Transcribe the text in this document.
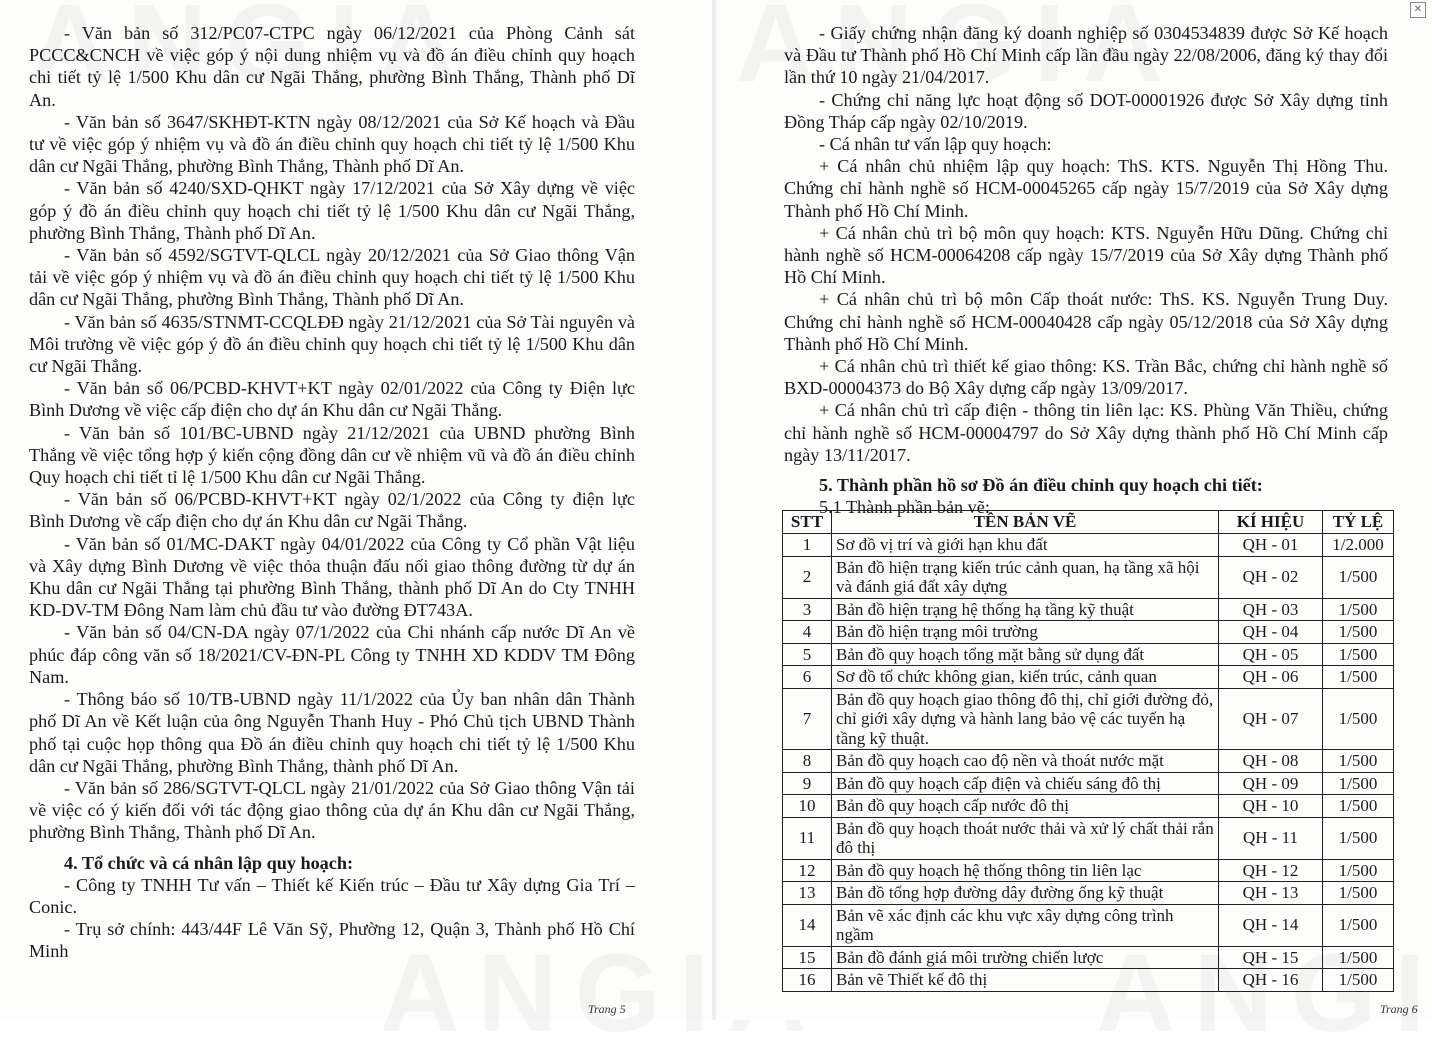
- Văn bản số 312/PC07-CTPC ngày 06/12/2021 của Phòng Cảnh sát PCCC&CNCH về việc góp ý nội dung nhiệm vụ và đồ án điều chỉnh quy hoạch chi tiết tỷ lệ 1/500 Khu dân cư Ngãi Thắng, phường Bình Thắng, Thành phố Dĩ An.

- Văn bản số 3647/SKHĐT-KTN ngày 08/12/2021 của Sở Kế hoạch và Đầu tư về việc góp ý nhiệm vụ và đồ án điều chỉnh quy hoạch chi tiết tỷ lệ 1/500 Khu dân cư Ngãi Thắng, phường Bình Thắng, Thành phố Dĩ An.

- Văn bản số 4240/SXD-QHKT ngày 17/12/2021 của Sở Xây dựng về việc góp ý đồ án điều chỉnh quy hoạch chi tiết tỷ lệ 1/500 Khu dân cư Ngãi Thắng, phường Bình Thắng, Thành phố Dĩ An.

- Văn bản số 4592/SGTVT-QLCL ngày 20/12/2021 của Sở Giao thông Vận tải về việc góp ý nhiệm vụ và đồ án điều chỉnh quy hoạch chi tiết tỷ lệ 1/500 Khu dân cư Ngãi Thắng, phường Bình Thắng, Thành phố Dĩ An.

- Văn bản số 4635/STNMT-CCQLĐĐ ngày 21/12/2021 của Sở Tài nguyên và Môi trường về việc góp ý đồ án điều chỉnh quy hoạch chi tiết tỷ lệ 1/500 Khu dân cư Ngãi Thắng.

- Văn bản số 06/PCBD-KHVT+KT ngày 02/01/2022 của Công ty Điện lực Bình Dương về việc cấp điện cho dự án Khu dân cư Ngãi Thắng.

- Văn bản số 101/BC-UBND ngày 21/12/2021 của UBND phường Bình Thắng về việc tổng hợp ý kiến cộng đồng dân cư về nhiệm vũ và đồ án điều chỉnh Quy hoạch chi tiết tỉ lệ 1/500 Khu dân cư Ngãi Thắng.

- Văn bản số 06/PCBD-KHVT+KT ngày 02/1/2022 của Công ty điện lực Bình Dương về cấp điện cho dự án Khu dân cư Ngãi Thắng.

- Văn bản số 01/MC-DAKT ngày 04/01/2022 của Công ty Cổ phần Vật liệu và Xây dựng Bình Dương về việc thỏa thuận đấu nối giao thông đường từ dự án Khu dân cư Ngãi Thắng tại phường Bình Thắng, thành phố Dĩ An do Cty TNHH KD-DV-TM Đông Nam làm chủ đầu tư vào đường ĐT743A.

- Văn bản số 04/CN-DA ngày 07/1/2022 của Chi nhánh cấp nước Dĩ An về phúc đáp công văn số 18/2021/CV-ĐN-PL Công ty TNHH XD KDDV TM Đông Nam.

- Thông báo số 10/TB-UBND ngày 11/1/2022 của Ủy ban nhân dân Thành phố Dĩ An về Kết luận của ông Nguyễn Thanh Huy - Phó Chủ tịch UBND Thành phố tại cuộc họp thông qua Đồ án điều chỉnh quy hoạch chi tiết tỷ lệ 1/500 Khu dân cư Ngãi Thắng, phường Bình Thắng, thành phố Dĩ An.

- Văn bản số 286/SGTVT-QLCL ngày 21/01/2022 của Sở Giao thông Vận tải về việc có ý kiến đối với tác động giao thông của dự án Khu dân cư Ngãi Thắng, phường Bình Thắng, Thành phố Dĩ An.

4. Tổ chức và cá nhân lập quy hoạch:

- Công ty TNHH Tư vấn – Thiết kế Kiến trúc – Đầu tư Xây dựng Gia Trí – Conic.

- Trụ sở chính: 443/44F Lê Văn Sỹ, Phường 12, Quận 3, Thành phố Hồ Chí Minh

Trang 5

- Giấy chứng nhận đăng ký doanh nghiệp số 0304534839 được Sở Kế hoạch và Đầu tư Thành phố Hồ Chí Minh cấp lần đầu ngày 22/08/2006, đăng ký thay đổi lần thứ 10 ngày 21/04/2017.

- Chứng chỉ năng lực hoạt động số DOT-00001926 được Sở Xây dựng tỉnh Đồng Tháp cấp ngày 02/10/2019.

- Cá nhân tư vấn lập quy hoạch:

+ Cá nhân chủ nhiệm lập quy hoạch: ThS. KTS. Nguyễn Thị Hồng Thu. Chứng chỉ hành nghề số HCM-00045265 cấp ngày 15/7/2019 của Sở Xây dựng Thành phố Hồ Chí Minh.

+ Cá nhân chủ trì bộ môn quy hoạch: KTS. Nguyễn Hữu Dũng. Chứng chỉ hành nghề số HCM-00064208 cấp ngày 15/7/2019 của Sở Xây dựng Thành phố Hồ Chí Minh.

+ Cá nhân chủ trì bộ môn Cấp thoát nước: ThS. KS. Nguyễn Trung Duy. Chứng chỉ hành nghề số HCM-00040428 cấp ngày 05/12/2018 của Sở Xây dựng Thành phố Hồ Chí Minh.

+ Cá nhân chủ trì thiết kế giao thông: KS. Trần Bắc, chứng chỉ hành nghề số BXD-00004373 do Bộ Xây dựng cấp ngày 13/09/2017.

+ Cá nhân chủ trì cấp điện - thông tin liên lạc: KS. Phùng Văn Thiều, chứng chỉ hành nghề số HCM-00004797 do Sở Xây dựng thành phố Hồ Chí Minh cấp ngày 13/11/2017.

5. Thành phần hồ sơ Đồ án điều chỉnh quy hoạch chi tiết:

5.1 Thành phần bản vẽ:

Trang 6
✕
STT	TÊN BẢN VẼ	KÍ HIỆU	TỶ LỆ
1	Sơ đồ vị trí và giới hạn khu đất	QH - 01	1/2.000
2	Bản đồ hiện trạng kiến trúc cảnh quan, hạ tầng xã hội và đánh giá đất xây dựng	QH - 02	1/500
3	Bản đồ hiện trạng hệ thống hạ tầng kỹ thuật	QH - 03	1/500
4	Bản đồ hiện trạng môi trường	QH - 04	1/500
5	Bản đồ quy hoạch tổng mặt bằng sử dụng đất	QH - 05	1/500
6	Sơ đồ tổ chức không gian, kiến trúc, cảnh quan	QH - 06	1/500
7	Bản đồ quy hoạch giao thông đô thị, chỉ giới đường đỏ, chỉ giới xây dựng và hành lang bảo vệ các tuyến hạ tầng kỹ thuật.	QH - 07	1/500
8	Bản đồ quy hoạch cao độ nền và thoát nước mặt	QH - 08	1/500
9	Bản đồ quy hoạch cấp điện và chiếu sáng đô thị	QH - 09	1/500
10	Bản đồ quy hoạch cấp nước đô thị	QH - 10	1/500
11	Bản đồ quy hoạch thoát nước thải và xử lý chất thải rắn đô thị	QH - 11	1/500
12	Bản đồ quy hoạch hệ thống thông tin liên lạc	QH - 12	1/500
13	Bản đồ tổng hợp đường dây đường ống kỹ thuật	QH - 13	1/500
14	Bản vẽ xác định các khu vực xây dựng công trình ngầm	QH - 14	1/500
15	Bản đồ đánh giá môi trường chiến lược	QH - 15	1/500
16	Bản vẽ Thiết kế đô thị	QH - 16	1/500
